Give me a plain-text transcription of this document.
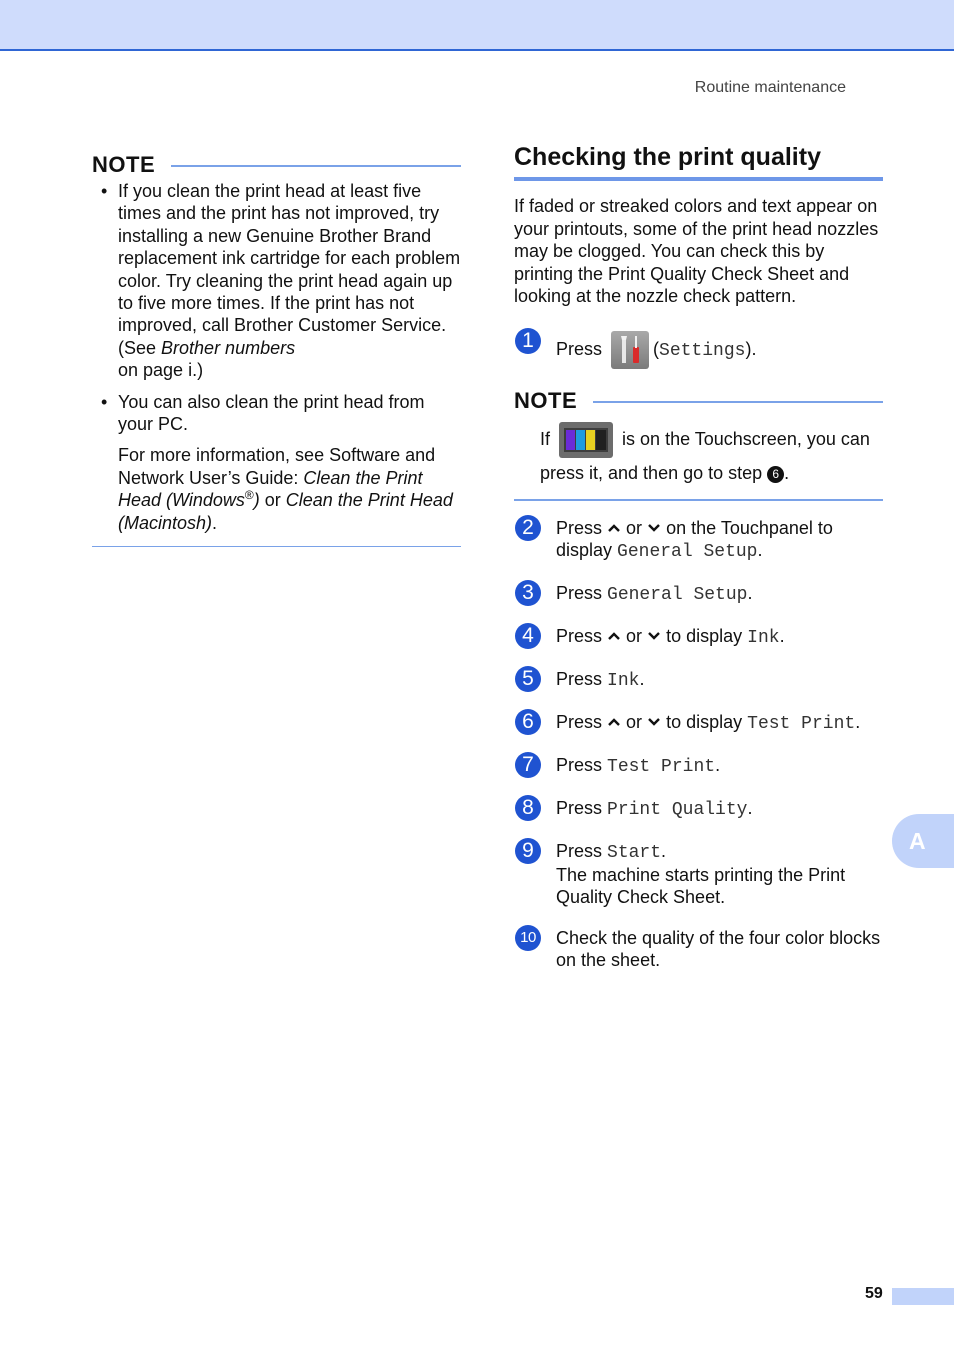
Routine maintenance
NOTE
• If you clean the print head at least five times and the print has not improved, try installing a new Genuine Brother Brand replacement ink cartridge for each problem color. Try cleaning the print head again up to five more times. If the print has not improved, call Brother Customer Service. (See Brother numbers
on page i.)

• You can also clean the print head from your PC.

For more information, see Software and Network User’s Guide: Clean the Print Head (Windows®) or Clean the Print Head (Macintosh).

Checking the print quality

If faded or streaked colors and text appear on your printouts, some of the print head nozzles may be clogged. You can check this by printing the Print Quality Check Sheet and looking at the nozzle check pattern.

1	Press	(Settings).

NOTE
If	is on the Touchscreen, you can press it, and then go to step 6 .
2	Press or on the Touchpanel to display General Setup.

3	Press General Setup.

4	Press or to display Ink.

5	Press Ink.

6	Press or to display Test Print.

7	Press Test Print.

8	Press Print Quality.

9	Press Start.

The machine starts printing the Print Quality Check Sheet.

10 Check the quality of the four color blocks on the sheet.

A
59
